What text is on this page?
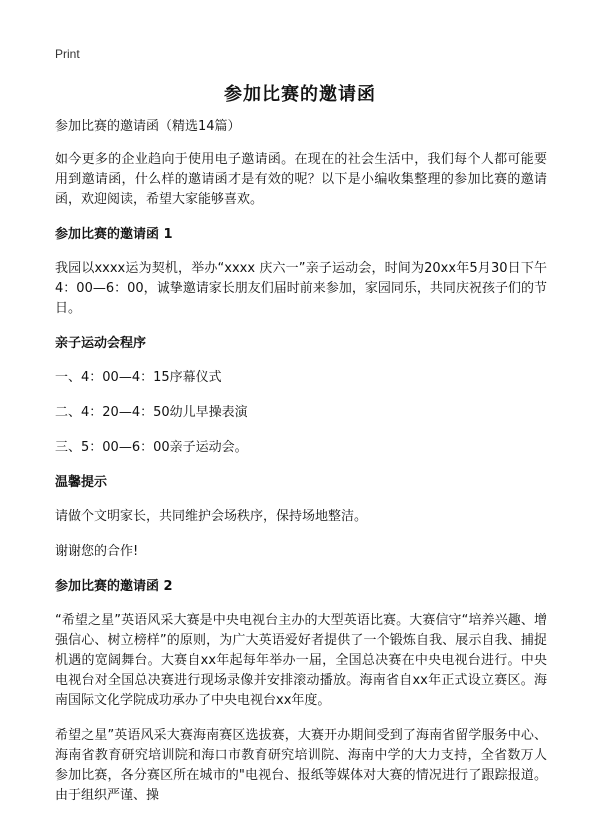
Print
参加比赛的邀请函

参加比赛的邀请函（精选14篇）

如今更多的企业趋向于使用电子邀请函。在现在的社会生活中，我们每个人都可能要用到邀请函，什么样的邀请函才是有效的呢？以下是小编收集整理的参加比赛的邀请函，欢迎阅读，希望大家能够喜欢。

参加比赛的邀请函 1

我园以xxxx运为契机，举办“xxxx 庆六一”亲子运动会，时间为20xx年5月30日下午4：00—6：00，诚挚邀请家长朋友们届时前来参加，家园同乐，共同庆祝孩子们的节日。

亲子运动会程序

一、4：00—4：15序幕仪式

二、4：20—4：50幼儿早操表演

三、5：00—6：00亲子运动会。

温馨提示

请做个文明家长，共同维护会场秩序，保持场地整洁。

谢谢您的合作!

参加比赛的邀请函 2

“希望之星”英语风采大赛是中央电视台主办的大型英语比赛。大赛信守“培养兴趣、增强信心、树立榜样”的原则，为广大英语爱好者提供了一个锻炼自我、展示自我、捕捉机遇的宽阔舞台。大赛自xx年起每年举办一届，全国总决赛在中央电视台进行。中央电视台对全国总决赛进行现场录像并安排滚动播放。海南省自xx年正式设立赛区。海南国际文化学院成功承办了中央电视台xx年度。

希望之星”英语风采大赛海南赛区选拔赛，大赛开办期间受到了海南省留学服务中心、海南省教育研究培训院和海口市教育研究培训院、海南中学的大力支持，全省数万人参加比赛，各分赛区所在城市的"电视台、报纸等媒体对大赛的情况进行了跟踪报道。由于组织严谨、操
